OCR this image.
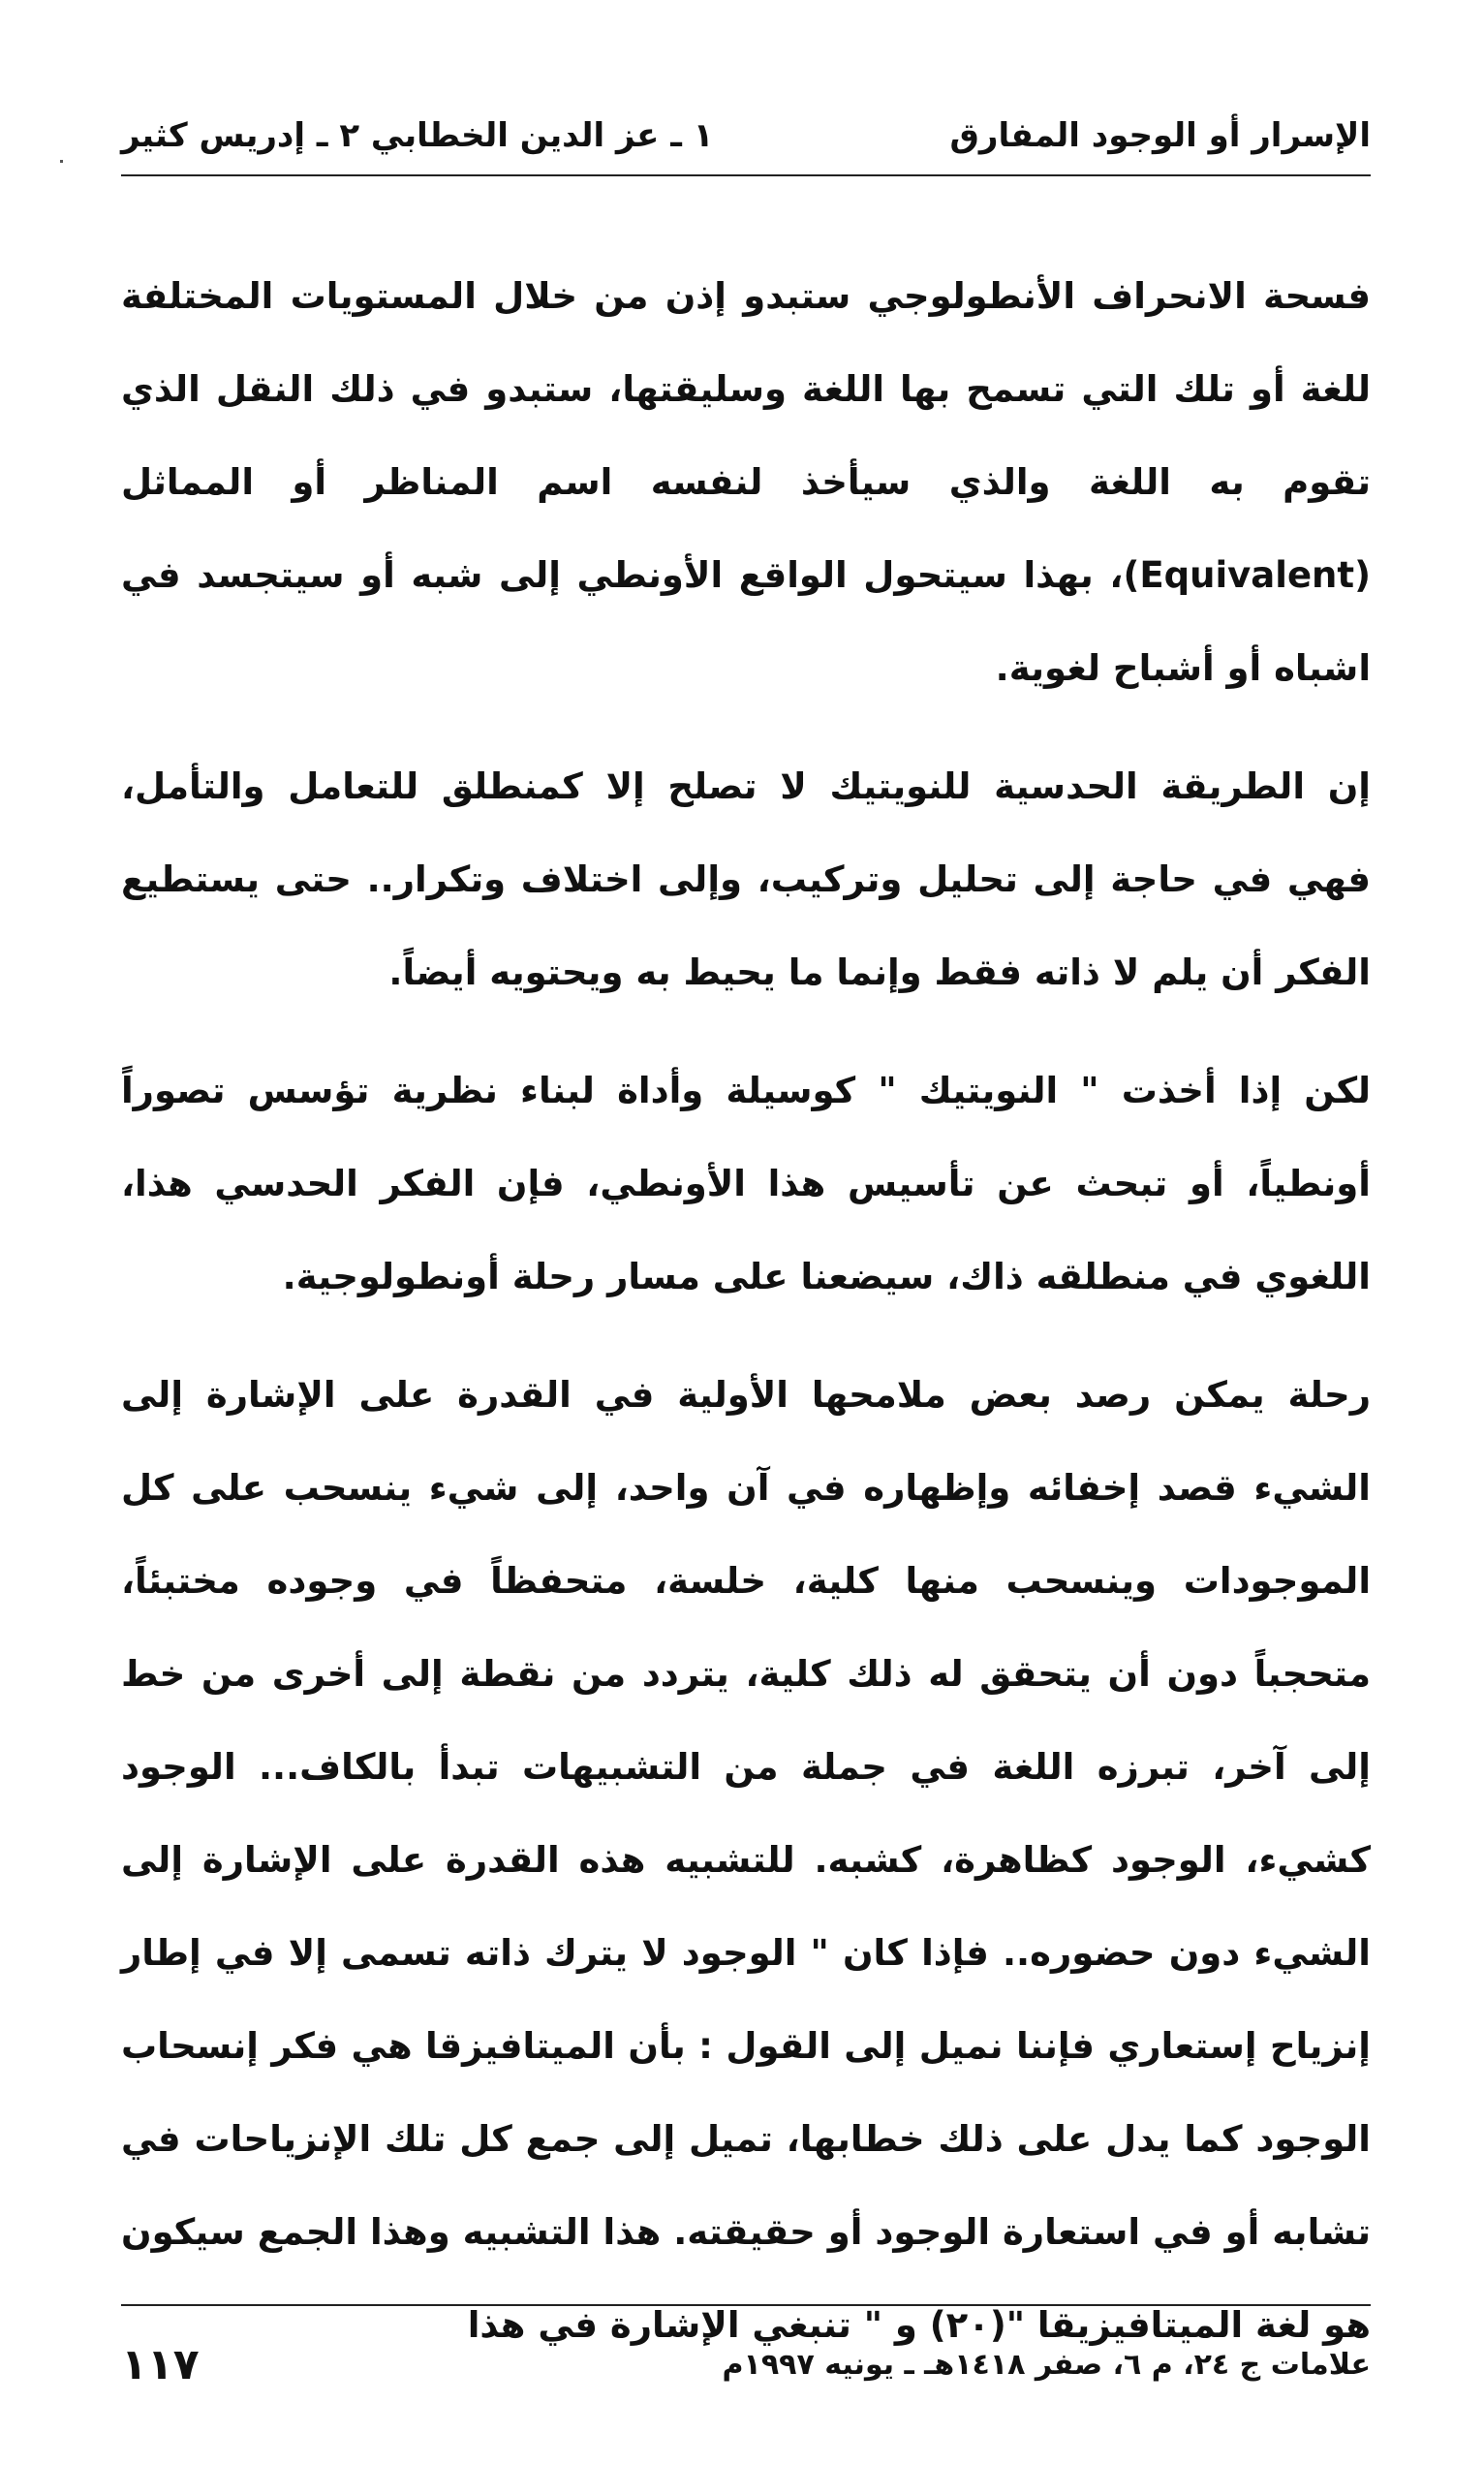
الإسرار أو الوجود المفارق
١ ـ عز الدين الخطابي ٢ ـ إدريس كثير

فسحة الانحراف الأنطولوجي ستبدو إذن من خلال المستويات المختلفة للغة أو تلك التي تسمح بها اللغة وسليقتها، ستبدو في ذلك النقل الذي تقوم به اللغة والذي سيأخذ لنفسه اسم المناظر أو المماثل (Equivalent)، بهذا سيتحول الواقع الأونطي إلى شبه أو سيتجسد في اشباه أو أشباح لغوية.

إن الطريقة الحدسية للنويتيك لا تصلح إلا كمنطلق للتعامل والتأمل، فهي في حاجة إلى تحليل وتركيب، وإلى اختلاف وتكرار.. حتى يستطيع الفكر أن يلم لا ذاته فقط وإنما ما يحيط به ويحتويه أيضاً.

لكن إذا أخذت " النويتيك " كوسيلة وأداة لبناء نظرية تؤسس تصوراً أونطياً، أو تبحث عن تأسيس هذا الأونطي، فإن الفكر الحدسي هذا، اللغوي في منطلقه ذاك، سيضعنا على مسار رحلة أونطولوجية.

رحلة يمكن رصد بعض ملامحها الأولية في القدرة على الإشارة إلى الشيء قصد إخفائه وإظهاره في آن واحد، إلى شيء ينسحب على كل الموجودات وينسحب منها كلية، خلسة، متحفظاً في وجوده مختبئاً، متحجباً دون أن يتحقق له ذلك كلية، يتردد من نقطة إلى أخرى من خط إلى آخر، تبرزه اللغة في جملة من التشبيهات تبدأ بالكاف... الوجود كشيء، الوجود كظاهرة، كشبه. للتشبيه هذه القدرة على الإشارة إلى الشيء دون حضوره.. فإذا كان " الوجود لا يترك ذاته تسمى إلا في إطار إنزياح إستعاري فإننا نميل إلى القول : بأن الميتافيزقا هي فكر إنسحاب الوجود كما يدل على ذلك خطابها، تميل إلى جمع كل تلك الإنزياحات في تشابه أو في استعارة الوجود أو حقيقته. هذا التشبيه وهذا الجمع سيكون هو لغة الميتافيزيقا "(٢٠) و " تنبغي الإشارة في هذا

علامات ج ٢٤، م ٦، صفر ١٤١٨هـ ـ يونيه ١٩٩٧م
١١٧
